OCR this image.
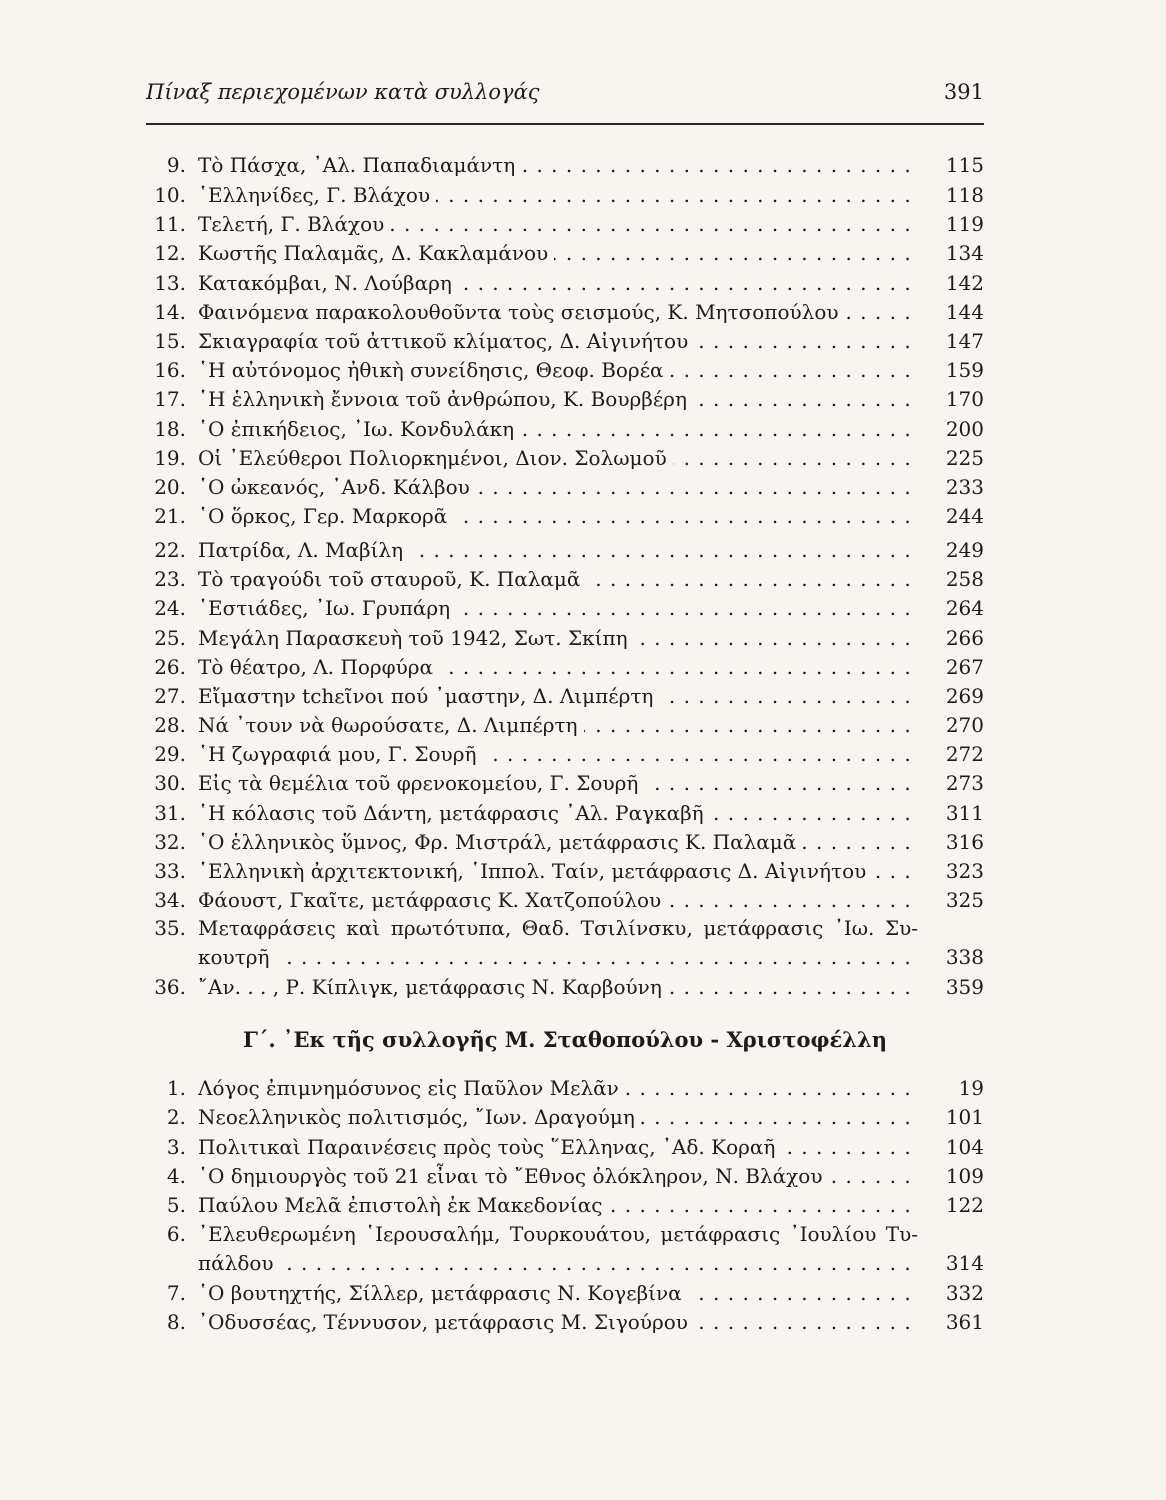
Πίναξ περιεχομένων κατὰ συλλογάς	391
9. Τὸ Πάσχα, ᾽Αλ. Παπαδιαμάντη . . .	115
10. ῾Ελληνίδες, Γ. Βλάχου . . .	118
11. Τελετή, Γ. Βλάχου . . .	119
12. Κωστῆς Παλαμᾶς, Δ. Κακλαμάνου . . .	134
13. Κατακόμβαι, Ν. Λούβαρη . . .	142
14. Φαινόμενα παρακολουθοῦντα τοὺς σεισμούς, Κ. Μητσοπούλου . . .	144
15. Σκιαγραφία τοῦ ἀττικοῦ κλίματος, Δ. Αἰγινήτου . . .	147
16. ῾Η αὐτόνομος ἠθικὴ συνείδησις, Θεοφ. Βορέα . . .	159
17. ῾Η ἑλληνικὴ ἔννοια τοῦ ἀνθρώπου, Κ. Βουρβέρη . . .	170
18. ῾Ο ἐπικήδειος, ᾽Ιω. Κονδυλάκη . . .	200
19. Οἱ ᾽Ελεύθεροι Πολιορκημένοι, Διον. Σολωμοῦ . . .	225
20. ῾Ο ὠκεανός, ᾽Ανδ. Κάλβου . . .	233
21. ῾Ο ὅρκος, Γερ. Μαρκορᾶ . . .	244
22. Πατρίδα, Λ. Μαβίλη . . .	249
23. Τὸ τραγούδι τοῦ σταυροῦ, Κ. Παλαμᾶ . . .	258
24. ῾Εστιάδες, ᾽Ιω. Γρυπάρη . . .	264
25. Μεγάλη Παρασκευὴ τοῦ 1942, Σωτ. Σκίπη . . .	266
26. Τὸ θέατρο, Λ. Πορφύρα . . .	267
27. Εἴμαστην tchεῖνοι πού ᾽μαστην, Δ. Λιμπέρτη . . .	269
28. Νά ᾽τουν νὰ θωρούσατε, Δ. Λιμπέρτη . . .	270
29. ῾Η ζωγραφιά μου, Γ. Σουρῆ . . .	272
30. Εἰς τὰ θεμέλια τοῦ φρενοκομείου, Γ. Σουρῆ . . .	273
31. ῾Η κόλασις τοῦ Δάντη, μετάφρασις ᾽Αλ. Ραγκαβῆ . . .	311
32. ῾Ο ἑλληνικὸς ὕμνος, Φρ. Μιστράλ, μετάφρασις Κ. Παλαμᾶ . . .	316
33. ῾Ελληνικὴ ἀρχιτεκτονική, ῾Ιππολ. Ταίν, μετάφρασις Δ. Αἰγινήτου . . .	323
34. Φάουστ, Γκαῖτε, μετάφρασις Κ. Χατζοπούλου . . .	325
35. Μεταφράσεις καὶ πρωτότυπα, Θαδ. Τσιλίνσκυ, μετάφρασις ᾽Ιω. Συ-
κουτρῆ . . .	338
36. ῎Αν. . . , Ρ. Κίπλιγκ, μετάφρασις Ν. Καρβούνη . . .	359
Γ΄. ᾽Εκ τῆς συλλογῆς Μ. Σταθοπούλου - Χριστοφέλλη
1. Λόγος ἐπιμνημόσυνος εἰς Παῦλον Μελᾶν . . .	19
2. Νεοελληνικὸς πολιτισμός, ῎Ιων. Δραγούμη . . .	101
3. Πολιτικαὶ Παραινέσεις πρὸς τοὺς ῞Ελληνας, ᾽Αδ. Κοραῆ . . .	104
4. ῾Ο δημιουργὸς τοῦ 21 εἶναι τὸ ῎Εθνος ὁλόκληρον, Ν. Βλάχου . . .	109
5. Παύλου Μελᾶ ἐπιστολὴ ἐκ Μακεδονίας . . .	122
6. ᾽Ελευθερωμένη ῾Ιερουσαλήμ, Τουρκουάτου, μετάφρασις ᾽Ιουλίου Τυ-
πάλδου . . .	314
7. ῾Ο βουτηχτής, Σίλλερ, μετάφρασις Ν. Κογεβίνα . . .	332
8. ᾽Οδυσσέας, Τέννυσον, μετάφρασις Μ. Σιγούρου . . .	361
